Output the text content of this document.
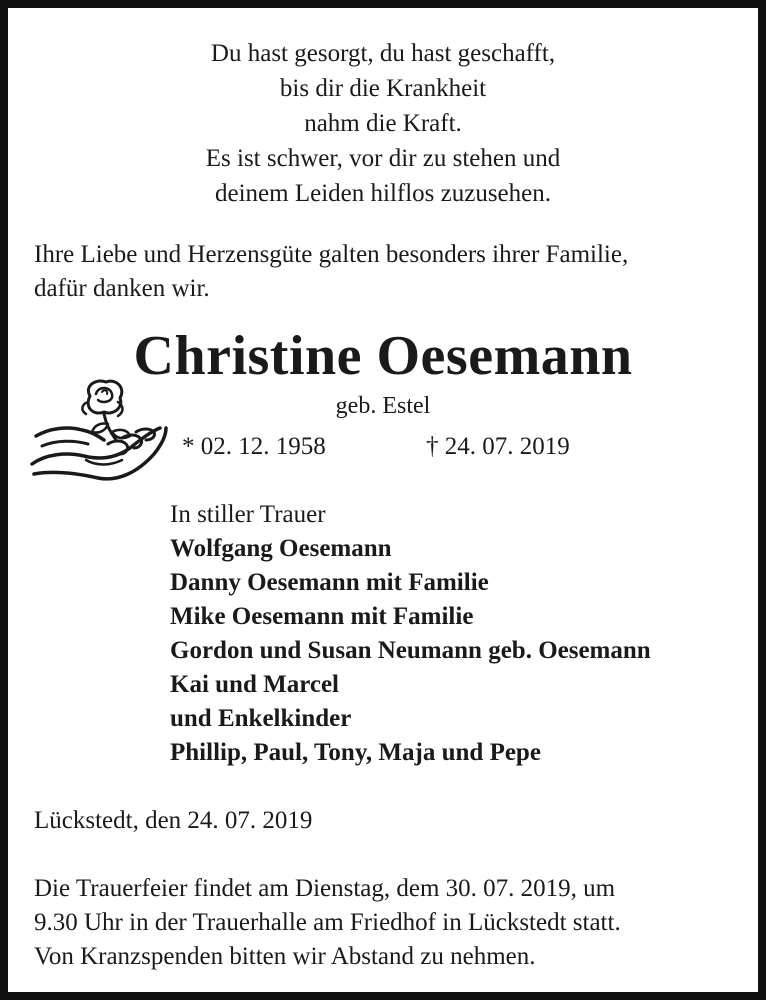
Du hast gesorgt, du hast geschafft,
bis dir die Krankheit
nahm die Kraft.
Es ist schwer, vor dir zu stehen und
deinem Leiden hilflos zuzusehen.
Ihre Liebe und Herzensgüte galten besonders ihrer Familie,
dafür danken wir.
Christine Oesemann
geb. Estel
* 02. 12. 1958	† 24. 07. 2019
In stiller Trauer
Wolfgang Oesemann
Danny Oesemann mit Familie
Mike Oesemann mit Familie
Gordon und Susan Neumann geb. Oesemann
Kai und Marcel
und Enkelkinder
Phillip, Paul, Tony, Maja und Pepe
Lückstedt, den 24. 07. 2019
Die Trauerfeier findet am Dienstag, dem 30. 07. 2019, um
9.30 Uhr in der Trauerhalle am Friedhof in Lückstedt statt.
Von Kranzspenden bitten wir Abstand zu nehmen.
